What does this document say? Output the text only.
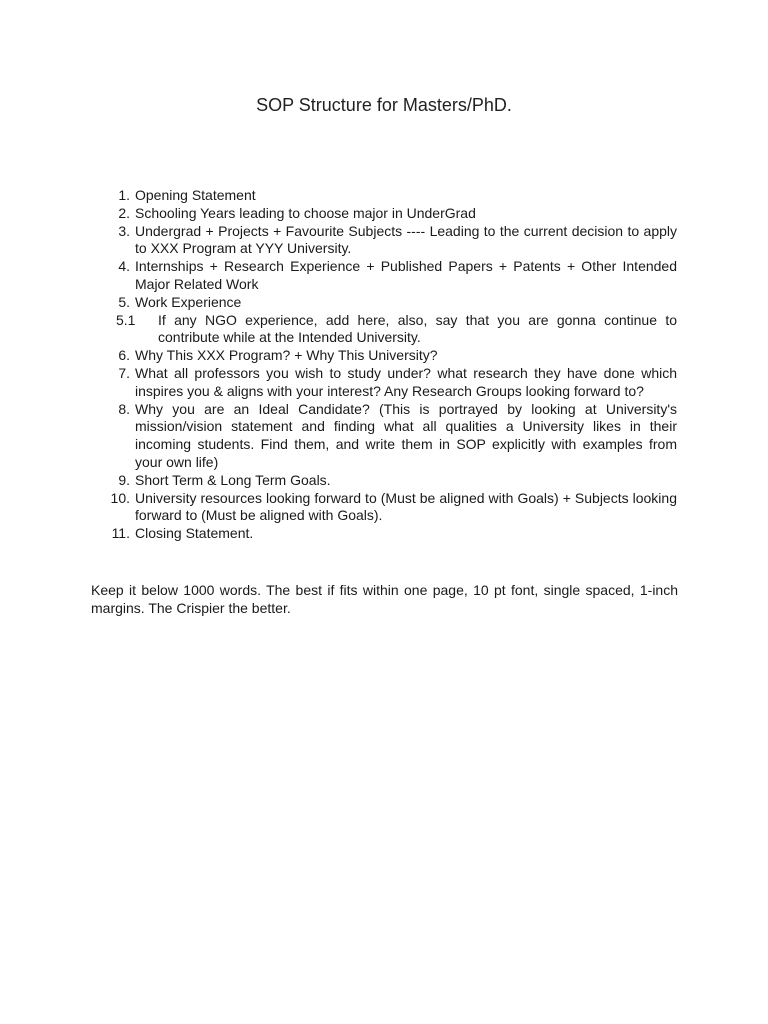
SOP Structure for Masters/PhD.
1. Opening Statement
2. Schooling Years leading to choose major in UnderGrad
3. Undergrad + Projects + Favourite Subjects ---- Leading to the current decision to apply to XXX Program at YYY University.
4. Internships + Research Experience + Published Papers + Patents + Other Intended Major Related Work
5. Work Experience
5.1	If any NGO experience, add here, also, say that you are gonna continue to contribute while at the Intended University.
6. Why This XXX Program? + Why This University?
7. What all professors you wish to study under? what research they have done which inspires you & aligns with your interest? Any Research Groups looking forward to?
8. Why you are an Ideal Candidate? (This is portrayed by looking at University's mission/vision statement and finding what all qualities a University likes in their incoming students. Find them, and write them in SOP explicitly with examples from your own life)
9. Short Term & Long Term Goals.
10. University resources looking forward to (Must be aligned with Goals) + Subjects looking forward to (Must be aligned with Goals).
11. Closing Statement.

Keep it below 1000 words. The best if fits within one page, 10 pt font, single spaced, 1-inch margins. The Crispier the better.
